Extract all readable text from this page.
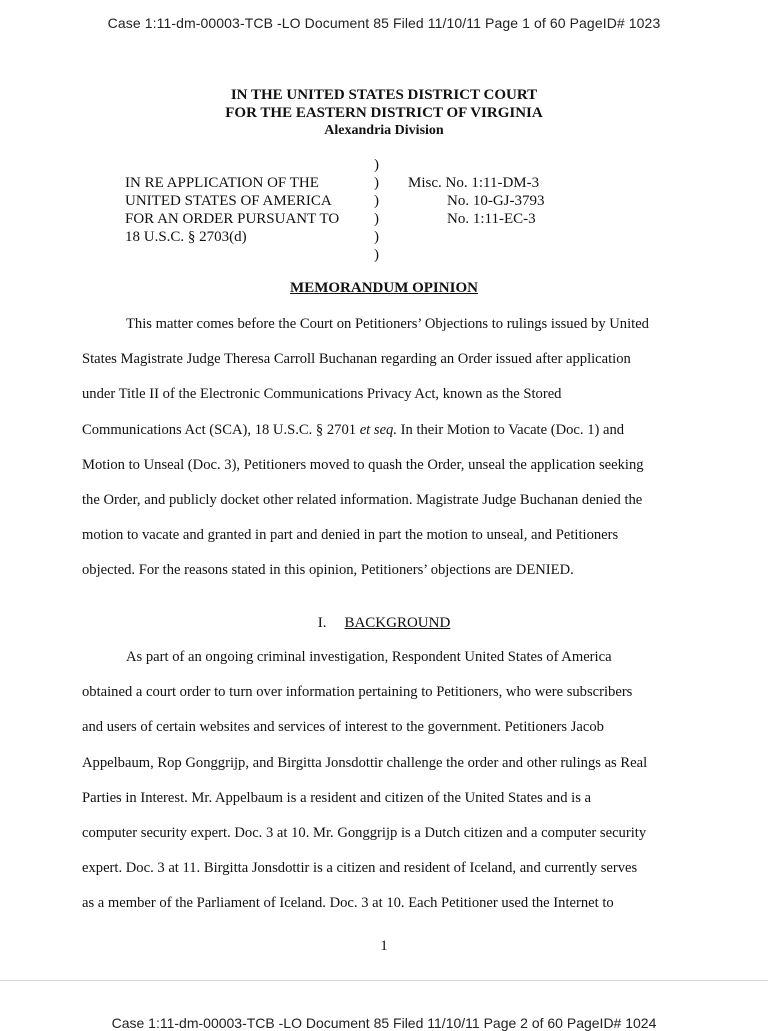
Case 1:11-dm-00003-TCB -LO Document 85 Filed 11/10/11 Page 1 of 60 PageID# 1023
IN THE UNITED STATES DISTRICT COURT
FOR THE EASTERN DISTRICT OF VIRGINIA
Alexandria Division
IN RE APPLICATION OF THE
UNITED STATES OF AMERICA
FOR AN ORDER PURSUANT TO
18 U.S.C. § 2703(d)
)
)
)
)
)
)
Misc. No. 1:11-DM-3
No. 10-GJ-3793
No. 1:11-EC-3
MEMORANDUM OPINION
This matter comes before the Court on Petitioners’ Objections to rulings issued by United
States Magistrate Judge Theresa Carroll Buchanan regarding an Order issued after application
under Title II of the Electronic Communications Privacy Act, known as the Stored
Communications Act (SCA), 18 U.S.C. § 2701 et seq. In their Motion to Vacate (Doc. 1) and
Motion to Unseal (Doc. 3), Petitioners moved to quash the Order, unseal the application seeking
the Order, and publicly docket other related information. Magistrate Judge Buchanan denied the
motion to vacate and granted in part and denied in part the motion to unseal, and Petitioners
objected. For the reasons stated in this opinion, Petitioners’ objections are DENIED.
I. BACKGROUND
As part of an ongoing criminal investigation, Respondent United States of America
obtained a court order to turn over information pertaining to Petitioners, who were subscribers
and users of certain websites and services of interest to the government. Petitioners Jacob
Appelbaum, Rop Gonggrijp, and Birgitta Jonsdottir challenge the order and other rulings as Real
Parties in Interest. Mr. Appelbaum is a resident and citizen of the United States and is a
computer security expert. Doc. 3 at 10. Mr. Gonggrijp is a Dutch citizen and a computer security
expert. Doc. 3 at 11. Birgitta Jonsdottir is a citizen and resident of Iceland, and currently serves
as a member of the Parliament of Iceland. Doc. 3 at 10. Each Petitioner used the Internet to
1
Case 1:11-dm-00003-TCB -LO Document 85 Filed 11/10/11 Page 2 of 60 PageID# 1024
